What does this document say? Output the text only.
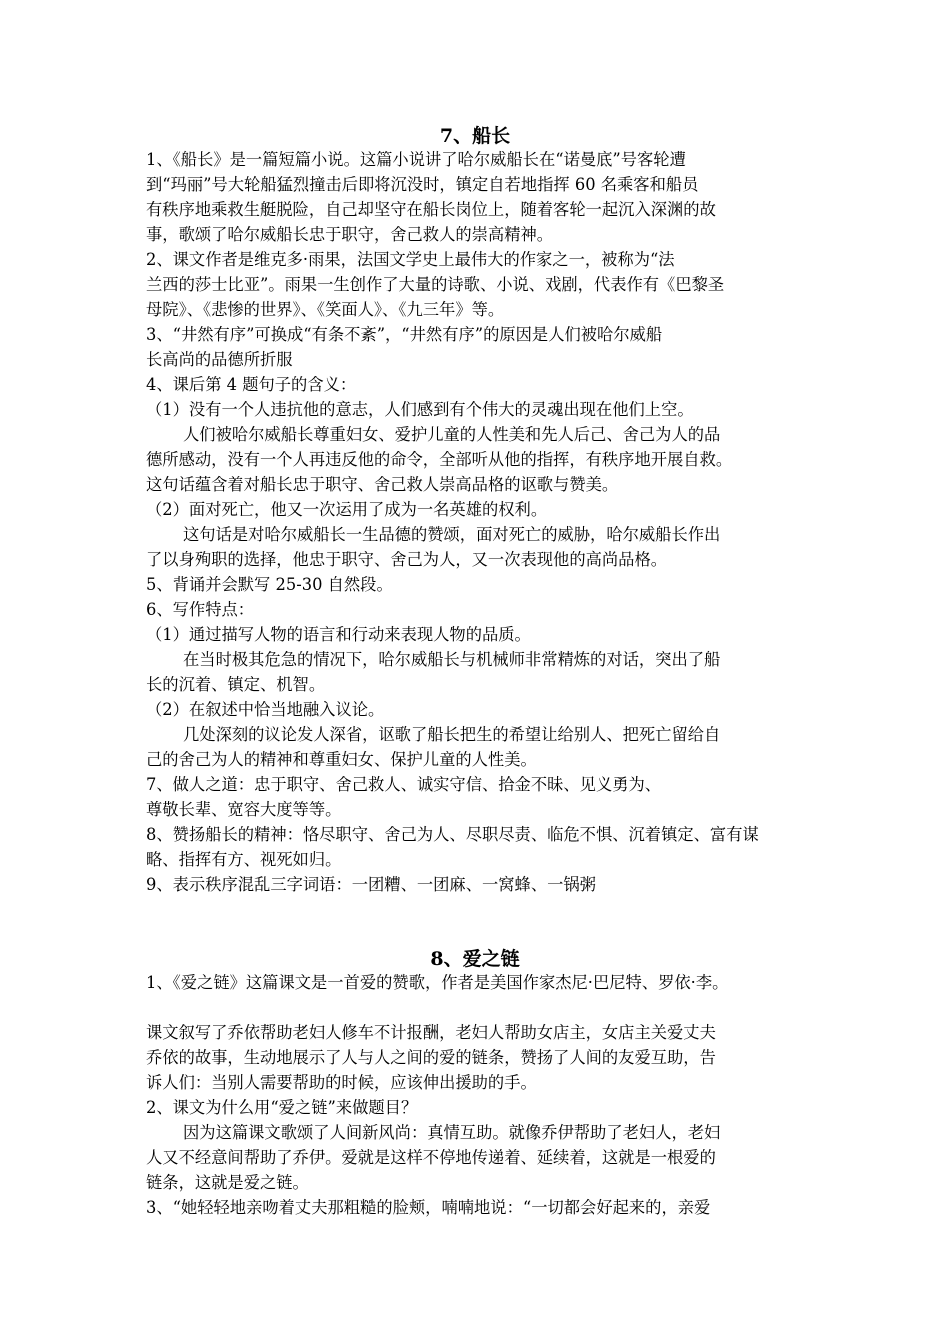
7、船长
1、《船长》是一篇短篇小说。这篇小说讲了哈尔威船长在“诺曼底”号客轮遭
到“玛丽”号大轮船猛烈撞击后即将沉没时，镇定自若地指挥 60 名乘客和船员
有秩序地乘救生艇脱险，自己却坚守在船长岗位上，随着客轮一起沉入深渊的故
事，歌颂了哈尔威船长忠于职守，舍己救人的崇高精神。
2、课文作者是维克多·雨果，法国文学史上最伟大的作家之一，被称为“法
兰西的莎士比亚”。雨果一生创作了大量的诗歌、小说、戏剧，代表作有《巴黎圣
母院》、《悲惨的世界》、《笑面人》、《九三年》等。
3、“井然有序”可换成“有条不紊”，“井然有序”的原因是人们被哈尔威船
长高尚的品德所折服
4、课后第 4 题句子的含义：
（1）没有一个人违抗他的意志，人们感到有个伟大的灵魂出现在他们上空。
人们被哈尔威船长尊重妇女、爱护儿童的人性美和先人后己、舍己为人的品
德所感动，没有一个人再违反他的命令，全部听从他的指挥，有秩序地开展自救。
这句话蕴含着对船长忠于职守、舍己救人崇高品格的讴歌与赞美。
（2）面对死亡，他又一次运用了成为一名英雄的权利。
这句话是对哈尔威船长一生品德的赞颂，面对死亡的威胁，哈尔威船长作出
了以身殉职的选择，他忠于职守、舍己为人，又一次表现他的高尚品格。
5、背诵并会默写 25-30 自然段。
6、写作特点：
（1）通过描写人物的语言和行动来表现人物的品质。
在当时极其危急的情况下，哈尔威船长与机械师非常精炼的对话，突出了船
长的沉着、镇定、机智。
（2）在叙述中恰当地融入议论。
几处深刻的议论发人深省，讴歌了船长把生的希望让给别人、把死亡留给自
己的舍己为人的精神和尊重妇女、保护儿童的人性美。
7、做人之道：忠于职守、舍己救人、诚实守信、拾金不昧、见义勇为、
尊敬长辈、宽容大度等等。
8、赞扬船长的精神：恪尽职守、舍己为人、尽职尽责、临危不惧、沉着镇定、富有谋
略、指挥有方、视死如归。
9、表示秩序混乱三字词语：一团糟、一团麻、一窝蜂、一锅粥
8、爱之链
1、《爱之链》这篇课文是一首爱的赞歌，作者是美国作家杰尼·巴尼特、罗依·李。
课文叙写了乔依帮助老妇人修车不计报酬，老妇人帮助女店主，女店主关爱丈夫
乔依的故事，生动地展示了人与人之间的爱的链条，赞扬了人间的友爱互助，告
诉人们：当别人需要帮助的时候，应该伸出援助的手。
2、课文为什么用“爱之链”来做题目？
因为这篇课文歌颂了人间新风尚：真情互助。就像乔伊帮助了老妇人，老妇
人又不经意间帮助了乔伊。爱就是这样不停地传递着、延续着，这就是一根爱的
链条，这就是爱之链。
3、“她轻轻地亲吻着丈夫那粗糙的脸颊，喃喃地说：“一切都会好起来的，亲爱
